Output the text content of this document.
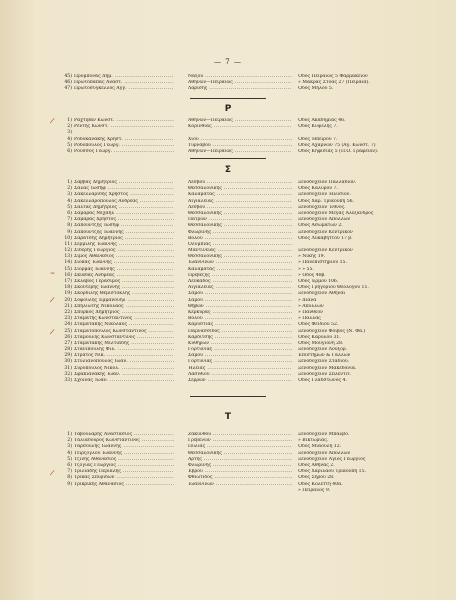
— 7 —
45) Προμπονάς Δημ. .....	Νάξου .....	Ὁδὸς Πειραιῶς 5 Φαρμακεῖον
46) Πρωτοπαπᾶς Ἀναστ. .....	Ἀθηνῶν—Πειραιῶς .....	» Μακρὰς Στοᾶς 27 (Πειραιά).
47) Πρωτοσύγκελλος Ἀγγ. .....	Λαρίσης .....	Ὁδὸς Μῆλου 5.
Ρ
1) Ραχτιβὰν Κωνστ. .....	Ἀθηνῶν—Πειραιῶς .....	Ὁδὸς Ἀκαδημίας 46.
2) Ρέντης Κωνστ. .....	Κορινθίας .....	Ὁδὸς Κυψέλης 7.
3)
4) Ροδοκανάκης Χρηστ. .....	Χίου .....	Ὁδὸς Ἠπείρου 7.
5) Ροδόπουλος Γεώργ. .....	Τυρνάβου .....	Ὁδὸς Ἀχαρνῶν 75 (Ἀγ. Κωνστ. 7)
6) Ρούσσος Γεώργ. .....	Ἀθηνῶν—Πειραιῶς .....	Ὁδὸς Κηφισίας 5 (Π.Ο. Γραφεῖον).
Σ
1) Σάββας Δημήτριος .....	Λέσβου .....	Ξενοδοχεῖον Παλλάδιον.
2) Σάλας Ἰωσήφ .....	Θεσσαλονίκης .....	Ὁδὸς Καλύρου 7.
3) Σακελλαρίδης Χρῆστος .....	Καλαμάτας .....	Ξενοδοχεῖον Ἡλύσιον.
4) Σακελλαρόπουλος Ἀνδρέας .....	Αἰγιαλείας .....	Ὁδὸς Χαρ. Τρικούπη 56.
5) Σάλτας Δημήτριος .....	Λέσβου .....	Ξενοδοχεῖον Ἔθνος.
6) Σαμαρᾶς Μιχαήλ .....	Θεσσαλονίκης .....	Ξενοδοχεῖον Μέγας Ἀλέξανδρος
7) Σαμαρᾶς Χρῆστος .....	Πατρῶν .....	Ξενοδοχεῖον Ἀπόλλων
8) Σαπουντζῆς Ἰωσήφ .....	Θεσσαλονίκης .....	Ὁδὸς Ἀσωμάτων 2.
9) Σαπουντζῆς Ἰωάννης .....	Φλωρίνης .....	Ξενοδοχεῖον Κεντρικόν
10) Σαράτσης Δημήτριος .....	Βόλου .....	Ὁδὸς Λυκαβηττοῦ 17 β.
11) Σερμίλης Ἰωάννης .....	Ὀλυμπίας .....
12) Σιδέρης Γεώργιος .....	Μαντινείας .....	Ξενοδοχεῖον Κεντρικόν
13) Σίμος Ἀθανάσιος .....	Θεσσαλονίκης .....	» Νίκης 19.
14) Σιόκας Ἰωάννης .....	Ἰωαννίνων .....	» Πανεπιστημίου 15.
15) Σιορμᾶς Ἰωάννης .....	Καλαμάτας .....	» » 55.
16) Σκιαδᾶς Ἀνδρέας .....	Πρεβέζης .....	» Ὁδὸς 48β.
17) Σκλάβος Γεράσιμος .....	Λευκάδος .....	Ὁδὸς Ἑρμοῦ 106.
18) Σκουτέρης Ἰωάννης .....	Αἰγιαλείας .....	Ὁδὸς Γρηγορίου Θεολόγου 11.
19) Σκορδίλης Θεμιστοκλῆς .....	Σάμου .....	Ξενοδοχεῖον Ἀθῆναι
20) Σοφούλης Ἐμμανουήλ .....	Σάμου .....	» Διάνα
21) Σπηλιώτης Νικόλαος .....	Θηβῶν .....	» Ἀπόλλων
22) Σπύρκος Δημήτριος .....	Κερκύρας .....	» Πάνθεον
23) Σταμάτης Κωνσταντῖνος .....	Βόλου .....	» Πάλλας
24) Σταματάκης Νικόλαος .....	Καρυστίας .....	Ὁδὸς Φειδίου 52.
25) Σταματόπουλος Κωνσταντῖνος .....	Παρνασσίδος .....	Ξενοδοχεῖον Φοῖβος (Ν. Φᾶ.)
26) Σταμούλης Κωνσταντῖνος .....	Καρδίτσης .....	Ὁδὸς Καρύλου 31.
27) Σταματάκης Μιλτιάδης .....	Κυθήρων .....	Ὁδὸς Μουγιονῆ 28.
28) Στανιπούλης Φιλ. .....	Γορτυνίας .....	Ξενοδοχεῖον Λουξὸρ.
29) Στρατὸς Νικ. .....	Σάμου .....	Ἐπιστήμων & Γάλλων
30) Στυλιανόπουλος Ἰωάν. .....	Γορτυνίας .....	Ξενοδοχεῖον Σταδίου.
31) Συρόπουλος Νικόλ. .....	Ἠλείας .....	Ξενοδοχεῖον Μακεδονία.
32) Σφακιανάκης Ἰωάν. .....	Λασιθίου .....	Ξενοδοχεῖον Σπλέντιτ.
33) Σχοινᾶς Ἰωάν. .....	Σερρῶν .....	Ὁδὸς Γλάδστωνος 4.
Τ
1) Ταβουλάρης Ἀναστάσιος .....	Ζακύνθου .....	Ξενοδοχεῖον Μπάλβο.
2) Ταλιαδούρος Κωνσταντῖνος .....	Γρεβενῶν .....	» Βικτωρίας.
3) Ταρσούλης Ἰωάννης .....	Πυλίας .....	Ὁδὸς Μιαούλη 12.
4) Τεϊρζόγλου Ἰωάννης .....	Θεσσαλονίκης .....	Ξενοδοχεῖον Ἀπόλλων
5) Τζίνης Ἀθανάσιος .....	Ἄρτης .....	Ξενοδοχεῖον Ἅγιος Γεώργιος
6) Τζόγιας Γεώργιος .....	Φλωρίνης .....	Ὁδὸς Ἀθηνᾶς 2.
7) Τριλιάδης Περικλῆς .....	Ἑβρου .....	Ὁδὸς Χαριλάου Τρικούπη 15.
8) Τρίκας Σπυρίδων .....	Φθιώτιδος .....	Ὁδὸς Σῆρου 28.
9) Τρικρίκης Ἀθανάσιος .....	Ἰωαννίνων .....	Ὁδὸς Κολέττη 40α.
» Πειραιῶς 9.
⟋
~
⟋
⟋
⟋
